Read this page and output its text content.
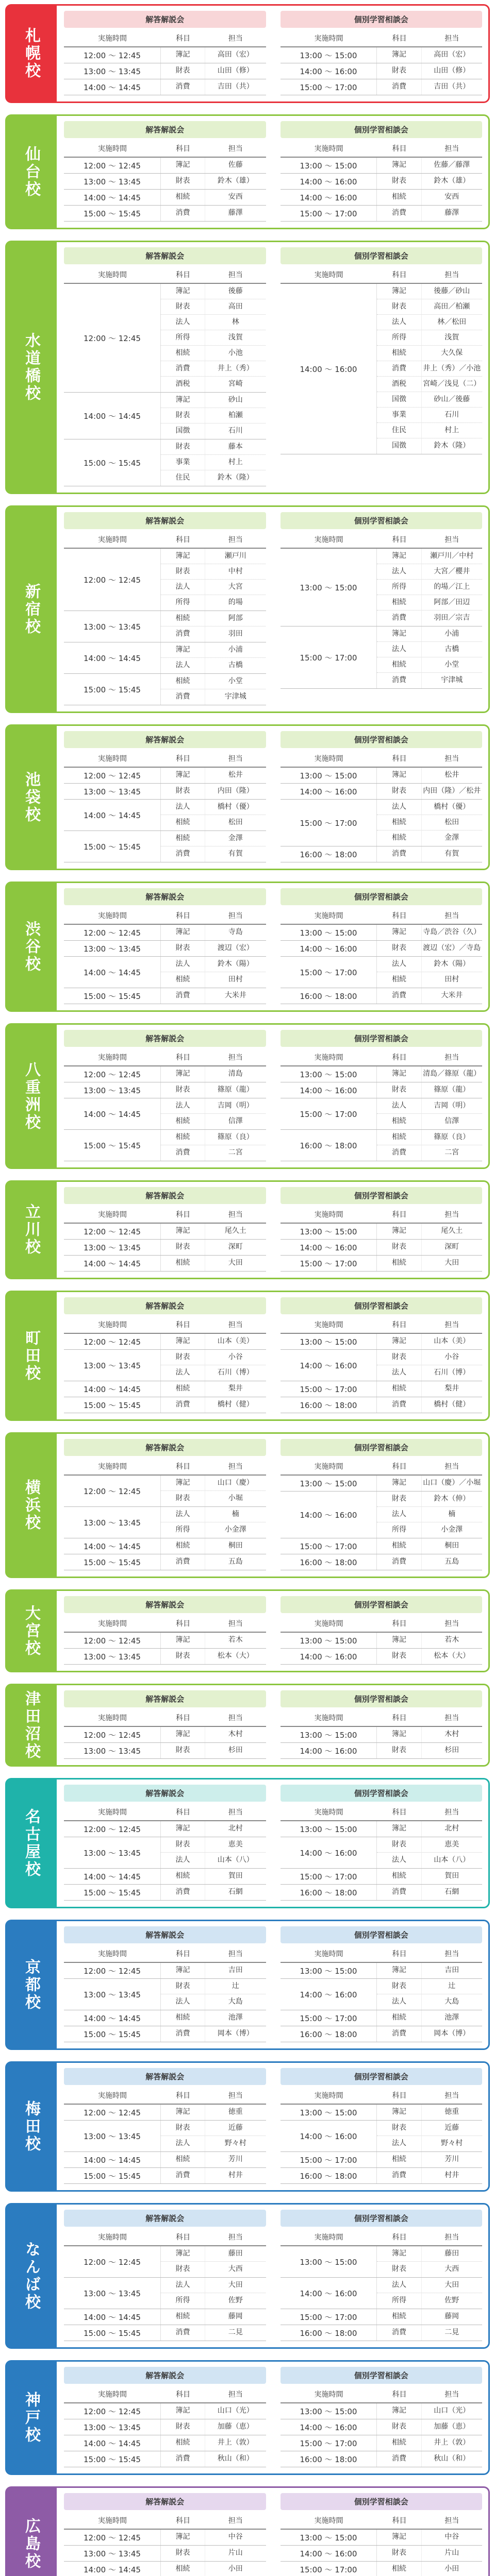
札幌校
解答解説会
実施時間	科目	担当
12:00 ～ 12:45	簿記	高田（宏）
13:00 ～ 13:45	財表	山田（修）
14:00 ～ 14:45	消費	吉田（共）
個別学習相談会
実施時間	科目	担当
13:00 ～ 15:00	簿記	高田（宏）
14:00 ～ 16:00	財表	山田（修）
15:00 ～ 17:00	消費	吉田（共）
仙台校
解答解説会
実施時間	科目	担当
12:00 ～ 12:45	簿記	佐藤
13:00 ～ 13:45	財表	鈴木（雄）
14:00 ～ 14:45	相続	安西
15:00 ～ 15:45	消費	藤澤
個別学習相談会
実施時間	科目	担当
13:00 ～ 15:00	簿記	佐藤／藤澤
14:00 ～ 16:00	財表	鈴木（雄）
14:00 ～ 16:00	相続	安西
15:00 ～ 17:00	消費	藤澤
水道橋校
解答解説会
実施時間	科目	担当
12:00 ～ 12:45
簿記	後藤
財表	高田
法人	林
所得	浅賀
相続	小池
消費	井上（秀）
酒税	宮崎
14:00 ～ 14:45
簿記	砂山
財表	柏瀬
国徴	石川
15:00 ～ 15:45
財表	藤本
事業	村上
住民	鈴木（隆）
個別学習相談会
実施時間	科目	担当
14:00 ～ 16:00
簿記	後藤／砂山
財表	高田／柏瀬
法人	林／松田
所得	浅賀
相続	大久保
消費	井上（秀）／小池
酒税	宮崎／浅見（二）
国徴	砂山／後藤
事業	石川
住民	村上
国徴	鈴木（隆）
新宿校
解答解説会
実施時間	科目	担当
12:00 ～ 12:45
簿記	瀬戸川
財表	中村
法人	大宮
所得	的場
13:00 ～ 13:45
相続	阿部
消費	羽田
14:00 ～ 14:45
簿記	小浦
法人	古橋
15:00 ～ 15:45
相続	小堂
消費	宇津城
個別学習相談会
実施時間	科目	担当
13:00 ～ 15:00
簿記	瀬戸川／中村
法人	大宮／櫻井
所得	的場／江上
相続	阿部／田辺
消費	羽田／宗吉
15:00 ～ 17:00
簿記	小浦
法人	古橋
相続	小堂
消費	宇津城
池袋校
解答解説会
実施時間	科目	担当
12:00 ～ 12:45	簿記	松井
13:00 ～ 13:45	財表	内田（隆）
14:00 ～ 14:45
法人	橋村（優）
相続	松田
15:00 ～ 15:45
相続	金澤
消費	有賀
個別学習相談会
実施時間	科目	担当
13:00 ～ 15:00	簿記	松井
14:00 ～ 16:00	財表	内田（隆）／松井
15:00 ～ 17:00
法人	橋村（優）
相続	松田
相続	金澤
16:00 ～ 18:00	消費	有賀
渋谷校
解答解説会
実施時間	科目	担当
12:00 ～ 12:45	簿記	寺島
13:00 ～ 13:45	財表	渡辺（宏）
14:00 ～ 14:45
法人	鈴木（陽）
相続	田村
15:00 ～ 15:45	消費	大米井
個別学習相談会
実施時間	科目	担当
13:00 ～ 15:00	簿記	寺島／渋谷（久）
14:00 ～ 16:00	財表	渡辺（宏）／寺島
15:00 ～ 17:00
法人	鈴木（陽）
相続	田村
16:00 ～ 18:00	消費	大米井
八重洲校
解答解説会
実施時間	科目	担当
12:00 ～ 12:45	簿記	清島
13:00 ～ 13:45	財表	篠原（龍）
14:00 ～ 14:45
法人	吉岡（明）
相続	信澤
15:00 ～ 15:45
相続	篠原（良）
消費	二宮
個別学習相談会
実施時間	科目	担当
13:00 ～ 15:00	簿記	清島／篠原（龍）
14:00 ～ 16:00	財表	篠原（龍）
15:00 ～ 17:00
法人	吉岡（明）
相続	信澤
16:00 ～ 18:00
相続	篠原（良）
消費	二宮
立川校
解答解説会
実施時間	科目	担当
12:00 ～ 12:45	簿記	尾久土
13:00 ～ 13:45	財表	深町
14:00 ～ 14:45	相続	大田
個別学習相談会
実施時間	科目	担当
13:00 ～ 15:00	簿記	尾久土
14:00 ～ 16:00	財表	深町
15:00 ～ 17:00	相続	大田
町田校
解答解説会
実施時間	科目	担当
12:00 ～ 12:45	簿記	山本（美）
13:00 ～ 13:45
財表	小谷
法人	石川（博）
14:00 ～ 14:45	相続	梨井
15:00 ～ 15:45	消費	橋村（健）
個別学習相談会
実施時間	科目	担当
13:00 ～ 15:00	簿記	山本（美）
14:00 ～ 16:00
財表	小谷
法人	石川（博）
15:00 ～ 17:00	相続	梨井
16:00 ～ 18:00	消費	橋村（健）
横浜校
解答解説会
実施時間	科目	担当
12:00 ～ 12:45
簿記	山口（慶）
財表	小堀
13:00 ～ 13:45
法人	楠
所得	小金澤
14:00 ～ 14:45	相続	桐田
15:00 ～ 15:45	消費	五島
個別学習相談会
実施時間	科目	担当
13:00 ～ 15:00	簿記	山口（慶）／小堀
14:00 ～ 16:00
財表	鈴木（伸）
法人	楠
所得	小金澤
15:00 ～ 17:00	相続	桐田
16:00 ～ 18:00	消費	五島
大宮校	解答解説会
実施時間	科目	担当
12:00 ～ 12:45	簿記	若木
13:00 ～ 13:45	財表	松本（大）
個別学習相談会
実施時間	科目	担当
13:00 ～ 15:00	簿記	若木
14:00 ～ 16:00	財表	松本（大）
津田沼校	解答解説会
実施時間	科目	担当
12:00 ～ 12:45	簿記	木村
13:00 ～ 13:45	財表	杉田
個別学習相談会
実施時間	科目	担当
13:00 ～ 15:00	簿記	木村
14:00 ～ 16:00	財表	杉田
名古屋校
解答解説会
実施時間	科目	担当
12:00 ～ 12:45	簿記	北村
13:00 ～ 13:45
財表	恵美
法人	山本（八）
14:00 ～ 14:45	相続	賀田
15:00 ～ 15:45	消費	石網
個別学習相談会
実施時間	科目	担当
13:00 ～ 15:00	簿記	北村
14:00 ～ 16:00
財表	恵美
法人	山本（八）
15:00 ～ 17:00	相続	賀田
16:00 ～ 18:00	消費	石網
京都校
解答解説会
実施時間	科目	担当
12:00 ～ 12:45	簿記	吉田
13:00 ～ 13:45
財表	辻
法人	大島
14:00 ～ 14:45	相続	池澤
15:00 ～ 15:45	消費	岡本（博）
個別学習相談会
実施時間	科目	担当
13:00 ～ 15:00	簿記	吉田
14:00 ～ 16:00
財表	辻
法人	大島
15:00 ～ 17:00	相続	池澤
16:00 ～ 18:00	消費	岡本（博）
梅田校
解答解説会
実施時間	科目	担当
12:00 ～ 12:45	簿記	徳重
13:00 ～ 13:45
財表	近藤
法人	野々村
14:00 ～ 14:45	相続	芳川
15:00 ～ 15:45	消費	村井
個別学習相談会
実施時間	科目	担当
13:00 ～ 15:00	簿記	徳重
14:00 ～ 16:00
財表	近藤
法人	野々村
15:00 ～ 17:00	相続	芳川
16:00 ～ 18:00	消費	村井
なんば校
解答解説会
実施時間	科目	担当
12:00 ～ 12:45
簿記	藤田
財表	大西
13:00 ～ 13:45
法人	大田
所得	佐野
14:00 ～ 14:45	相続	藤岡
15:00 ～ 15:45	消費	二見
個別学習相談会
実施時間	科目	担当
13:00 ～ 15:00
簿記	藤田
財表	大西
14:00 ～ 16:00
法人	大田
所得	佐野
15:00 ～ 17:00	相続	藤岡
16:00 ～ 18:00	消費	二見
神戸校
解答解説会
実施時間	科目	担当
12:00 ～ 12:45	簿記	山口（光）
13:00 ～ 13:45	財表	加藤（恵）
14:00 ～ 14:45	相続	井上（敦）
15:00 ～ 15:45	消費	秋山（和）
個別学習相談会
実施時間	科目	担当
13:00 ～ 15:00	簿記	山口（光）
14:00 ～ 16:00	財表	加藤（恵）
15:00 ～ 17:00	相続	井上（敦）
16:00 ～ 18:00	消費	秋山（和）
広島校
解答解説会
実施時間	科目	担当
12:00 ～ 12:45	簿記	中谷
13:00 ～ 13:45	財表	片山
14:00 ～ 14:45	相続	小田
個別学習相談会
実施時間	科目	担当
13:00 ～ 15:00	簿記	中谷
14:00 ～ 16:00	財表	片山
15:00 ～ 17:00	相続	小田
